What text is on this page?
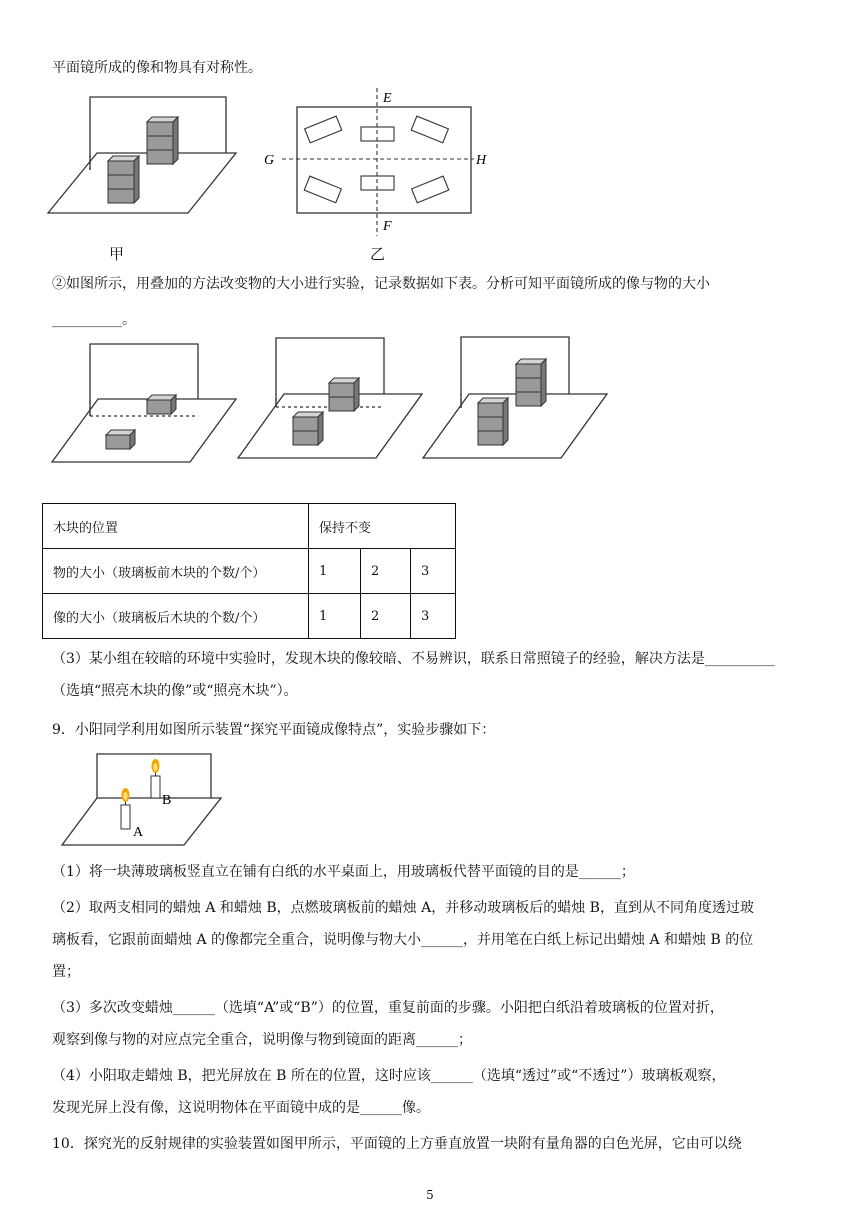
平面镜所成的像和物具有对称性。
甲
E
F
G	H
乙
②如图所示，用叠加的方法改变物的大小进行实验，记录数据如下表。分析可知平面镜所成的像与物的大小
__________。
木块的位置	保持不变		
物的大小（玻璃板前木块的个数/个）	1	2	3
像的大小（玻璃板后木块的个数/个）	1	2	3
（3）某小组在较暗的环境中实验时，发现木块的像较暗、不易辨识，联系日常照镜子的经验，解决方法是__________
（选填“照亮木块的像”或“照亮木块”）。
9．小阳同学利用如图所示装置“探究平面镜成像特点”，实验步骤如下：
B
A
（1）将一块薄玻璃板竖直立在铺有白纸的水平桌面上，用玻璃板代替平面镜的目的是______；
（2）取两支相同的蜡烛 A 和蜡烛 B，点燃玻璃板前的蜡烛 A，并移动玻璃板后的蜡烛 B，直到从不同角度透过玻
璃板看，它跟前面蜡烛 A 的像都完全重合，说明像与物大小______，并用笔在白纸上标记出蜡烛 A 和蜡烛 B 的位
置；
（3）多次改变蜡烛______（选填“A”或“B”）的位置，重复前面的步骤。小阳把白纸沿着玻璃板的位置对折，
观察到像与物的对应点完全重合，说明像与物到镜面的距离______；
（4）小阳取走蜡烛 B，把光屏放在 B 所在的位置，这时应该______（选填“透过”或“不透过”）玻璃板观察，
发现光屏上没有像，这说明物体在平面镜中成的是______像。
10．探究光的反射规律的实验装置如图甲所示，平面镜的上方垂直放置一块附有量角器的白色光屏，它由可以绕
5
